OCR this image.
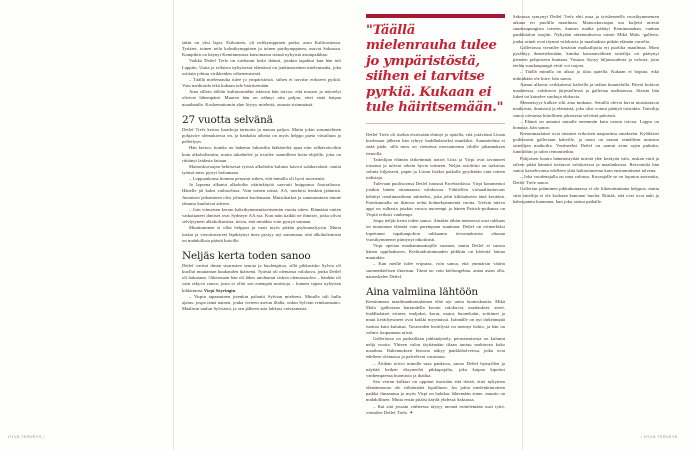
takin on yksi lapsi. Esikoinen, yli nelikymppinen poika, asuu Kaliforniassa. Tyttäret, toinen reilu kolmikymppinen ja toinen parikymppinen, asuvat Saksassa. Kumpikin on käynyt Keminmaassa katsomassa isänsä nykyistä asuinpaikkaa.

Vaikka Detlef Trefz on vaeltanut koko ikänsä, jotakin tapahtui kun hän tuli Lappiin. Uutta ja erilaista nykyisessä elämässä on jonkinasteinen mielenrauha, joka osittain johtuu virikkeiden vähenemisestä.

– Täällä mielenrauha tulee jo ympäristöstä, siihen ei tarvitse erikseen pyrkiä. Voin meditoida eikä kukaan tule häiritsemään.

Aina silloin tällöin kulttuurinälän iskiessä hän toivoo, että museot ja näyttelyt olisivat lähempänä. Muuten hän on nähnyt niin paljon, ettei enää kaipaa maailmalle. Koskemattomin alue löytyy mielestä, omasta sisimmästä.

27 vuotta selvänä

Detlef Trefz kertoo hauskoja tarinoita ja nauraa paljon. Mutta jokin surumielinen pohjavire olemuksessa on, ja hankalia aiheita on myös helppo paeta vitsailuun ja pelleilyyn.

Hän kertoo, kuinka on hakenut lukuisilta lääkäreiltä apua niin selkävaivoihin kuin alkoholismiin, mutta tuhahtelee ja irvailee saamilleen hoito-ohjeille, joita on riittänyt laidasta laitaan.

Mainoskuvaajan hektisessä työssä alkoholin kulutus kasvoi salakavalasti, mutta työnsä mies pystyi hoitamaan.

– Loppuaikoina homma perustui siihen, että minulla oli hyvä assistentti.

Jo lapsena alkanut alkoholin väärinkäyttö saavutti huippunsa Australiassa. Hänelle jäi kaksi vaihtoehtoa. Vain toinen niistä, AA, merkitsi henkiin jäämistä. Juomisen jatkaminen olisi johtanut kuolemaan. Muistikatkot ja sammuminen minne tahansa kuuluivat arkeen.

– Join viimeisen kerran kaksikymmentäseitsemän vuotta sitten. Elämääni eniten vaikuttaneet ihmiset ovat Sydneyn AA:ssa. Kun näin kaikki ne ihmiset, jotka olivat selviytyneet alkoholismista, tiesin, että minäkin voin pystyä samaan.

Muuttuminen ei ollut helppoa ja vaati myös pitkän psykoanalyysin. Mutta tuskat ja vieroitusoireet läpikäynyt mies pystyy nyt sanomaan, että alkoholismista on mahdollista päästä kuiville.

Neljäs kerta toden sanoo

Detlef varttui ilman sisarusten seuraa ja huolenpitoa, sillä pikkusisko Sylvia oli kuollut muutaman kuukauden ikäisenä. Tytöstä oli olemassa valokuva, jonka Detlef oli hukannut. Oikeastaan hän oli lähes unohtanut siskon olemassaolon – hänhän oli vain räkyvä vauva, josta ei ollut sen enempää muistoja – kunnes tapasi nykyisen kihlattunsa Virpi Söyringin.

– Virpin tapaaminen jotenkin palautti Sylvian mieleeni. Minulle tuli hullu ajatus: jospa tämä nainen, jonka viereen asetun illalla, onkin Sylvian reinkarnaatio. Maalasin taulun Sylviasta, ja sen jälkeen asia lakkasi vaivaamasta.

"Täällä mielenrauha tulee jo ympäristöstä, siihen ei tarvitse pyrkiä. Kukaan ei tule häiritsemään."

Detlef Trefz oli itsekin etsiessään ehtinyt jo ajatella, että ystävänsä Liisan kuoleman jälkeen hän ryhtyy buddhalaiseksi munkiksi. Suunnitelma ei enää päde, sillä mies on viemässä morsiamensa vihille juhannuksen tienoilla.

Taiteilijan elämän tärkeimmät naiset Liisa ja Virpi ovat tavanneet toisensa ja tulevat oikein hyvin toimeen. Neljäs avioliitto on tarkoitus solmia hiljaisesti, papin ja Liisan lisäksi paikalle pyydetään vain toinen todistaja.

Tulevaan puolisoonsa Detlef tutustui Facebookissa. Virpi kommentoi jotakin hänen ottamaansa valokuvaa. Vähitellen virtuaalituttavuus kehittyi reaalimaailman suhteeksi, joka johti kihlaukseen tänä keväänä. Pariskunnalla on ikäeroa reilut kolmekymmentä vuotta. Trefzin tuleva appi on sulhasta jotakin vuosia nuorempi ja hänen Patrick-poikansa on Virpiä reilusti vanhempi.

Jospa neljäs kerta toden sanoo. Ainakin tähän mennessä uusi rakkaus on muuttanut elämää vain parempaan suuntaan: Detlef on esimerkiksi lopettanut tupakanpolton rakkaansa toivomuksesta oltuaan vuosikymmenet piintynyt nikotinisti.

Virpi opettaa maahanmuuttajille suomea, mutta Detlef ei suostu hänen oppilaakseen. Kielitaidottomuuden piikkiin on kätevää laittaa muutakin:

– Kun meille tulee eripuraa, voin sanoa, että ymmärsin väärin suomenkielisen ilmaisun. Tämä on vain kieliongelma, antaa asian olla, naureskelee Detlef.

Aina valmiina lähtöön

Keminmaan maailmankansalainen elää nyt uutta luomiskautta. Mikä Malu -galleriaan hartaudella kootut valokuvat, maalaukset, aseet, buddhalaiset esineet, maljakot, korut, matot, huonekalut, soittimet ja muut keräilyesineet ovat kaikki myynnissä. Isännälle on nyt tärkeämpää tuottaa kuin kuluttaa. Tavaroiden keräilystä on mennyt hohto, ja hän on valmis luopumaan niistä.

Galleriassa on parhaillaan juhlanäyttely, perustamisesta on kulunut neljä vuotta. Yhteen valon täyttämään tilaan tuntuu mahtuvan koko maailma. Rakennuksen historia näkyy pankkiholveissa, jotka ovat edelleen olemassa ja palvelevat varastona.

– Äitihän toivoi minulle uraa pankissa, sanoo Detlef hymyillen ja näyttää hetken eksyneeltä pikkupojalta, joka kaipaa kipeästi vanhempiensa huomiota ja ihailua.

Sen verran kulkuri on oppinut itsestään että tietää, ettei nykyinen elämänmuoto ole välttämättä lopullinen. Jos jokin mielenkiintoinen paikka ilmaantuu ja myös Virpi on halukas lähtemään sinne, muutto on mahdollinen. Mutta ensin pitäisi käydä yhdessä Saksassa.

– Kai sitä jossain vaiheessa täytyy mennä esittelemään uusi tyttö, virnuilee Detlef Trefz. ✦

Saksassa syntynyt Detlef Trefz ehti asua ja työskennellä vuosikymmenten aikana eri puolilla maailmaa. Mainoskuvaajan ura kuljetti miestä suurkaupungista toiseen, kunnes matka päättyi Keminmaahan, vanhan pankkitalon suojiin. Nykyään rakennuksessa toimii Mikä Malu -galleria, jonka seinät ovat täynnä valokuvia ja maalauksia pitkän elämän varrelta.

Galleriassa vierailee kesäisin matkailijoita eri puolilta maailmaa. Moni pysähtyy ihmettelemään, kuinka kansainvälinen taiteilija on päätynyt pieneen pohjoiseen kuntaan. Vastaus löytyy hiljaisuudesta ja valosta, joita etelän suurkaupungit eivät voi tarjota.

– Täällä minulla on aikaa ja tilaa ajatella. Kukaan ei hoputa, eikä mihinkään ole kiire, hän sanoo.

Aamut alkavat verkkaisesti kahvilla ja radion kuuntelulla. Päivät kuluvat maalatessa, valokuvia järjestellessä ja galleriaa uudistaessa. Iltaisin hän lukee tai katselee vanhoja elokuvia.

Menneisyys kulkee silti aina mukana. Seinillä olevat kuvat muistuttavat matkoista, ihmisistä ja elämästä, joka olisi voinut päättyä toisinkin. Taiteilija sanoo olevansa kiitollinen jokaisesta selvästä päivästä.

– Elämä on antanut minulle enemmän kuin osasin toivoa. Loppu on bonusta, hän sanoo.

Keminmaalaiset ovat ottaneet erikoisen naapurinsa omakseen. Kyläläiset poikkeavat galleriaan kahville, ja moni on saanut seinälleen muiston taiteilijan matkoilta. Vastineeksi Detlef on saanut avun arjen pulmiin, lumitöihin ja talon remontteihin.

Pohjoisen luonto hämmästyttää miestä yhä: kesäyön valo, ruskan värit ja talven pitkä hämärä toistuvat valokuvissa ja maalauksissa. Revontulia hän sanoo katselevansa edelleen yhtä haltioituneena kuin ensimmäisenä talvena.

– Joka vuodenajalla on oma valonsa. Kuvaajalle se on loputon aarreaitta, Detlef Trefz sanoo.

Gallerian pitäminen pikkukunnassa ei ole liiketoimintana helppoa, mutta siitä taiteilija ei ole koskaan kantanut huolta. Riittää, että ovet ovat auki ja kahvipannu kuumana, kun joku sattuu paikalle.

HYVÄ TERVEYS /	/ HYVÄ TERVEYS
